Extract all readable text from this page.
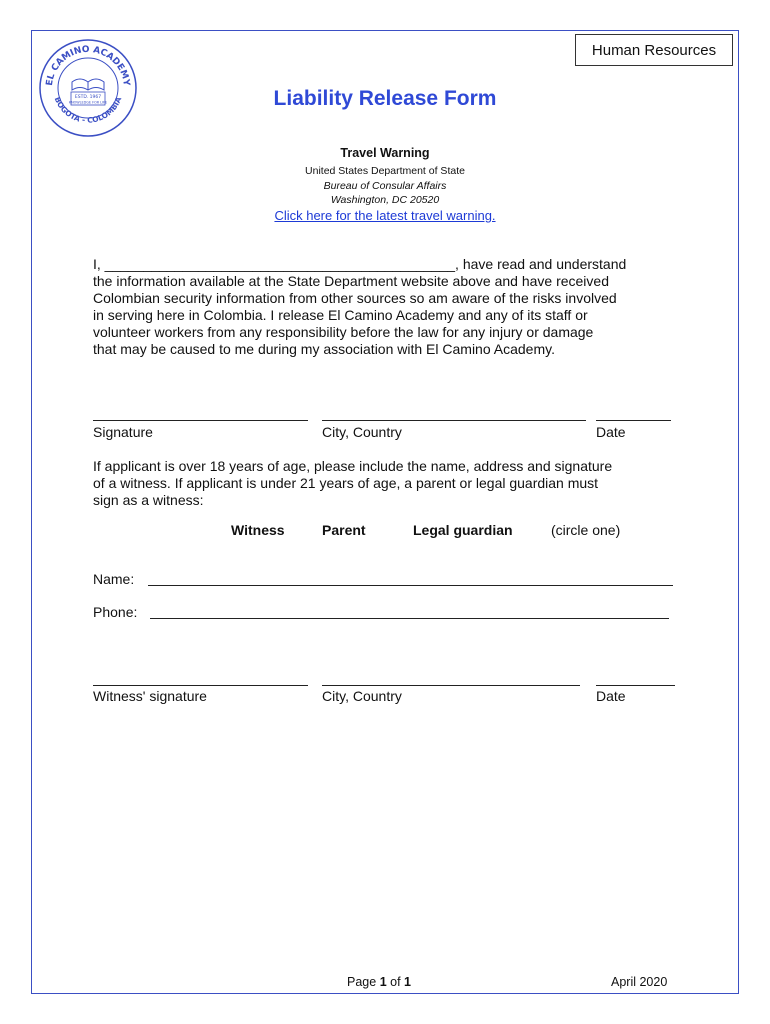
Human Resources
EL CAMINO ACADEMY
BOGOTA - COLOMBIA
ESTD. 1967
KNOWLEDGE FOR LIFE	Liability Release Form
Travel Warning
United States Department of State
Bureau of Consular Affairs
Washington, DC 20520
Click here for the latest travel warning.
I, _____________________________________________, have read and understand
the information available at the State Department website above and have received
Colombian security information from other sources so am aware of the risks involved
in serving here in Colombia. I release El Camino Academy and any of its staff or
volunteer workers from any responsibility before the law for any injury or damage
that may be caused to me during my association with El Camino Academy.
Signature	City, Country	Date
If applicant is over 18 years of age, please include the name, address and signature
of a witness. If applicant is under 21 years of age, a parent or legal guardian must
sign as a witness:
Witness	Parent	Legal guardian	(circle one)
Name:
Phone:
Witness' signature	City, Country	Date
Page 1 of 1	April 2020
